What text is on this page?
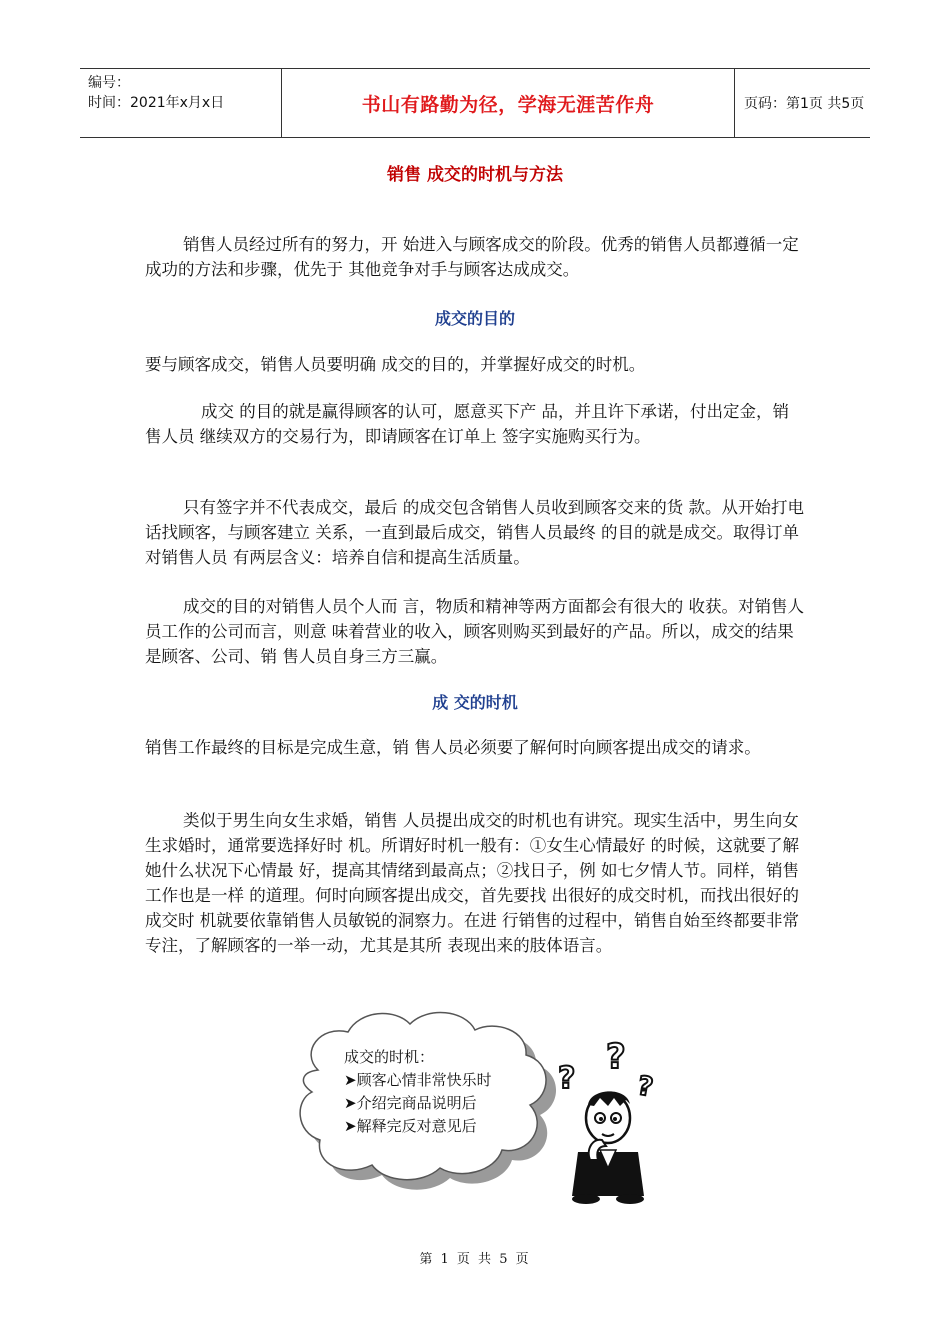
编号：
时间：2021年x月x日	书山有路勤为径，学海无涯苦作舟	页码：第1页 共5页
销售 成交的时机与方法

销售人员经过所有的努力，开 始进入与顾客成交的阶段。优秀的销售人员都遵循一定成功的方法和步骤，优先于 其他竞争对手与顾客达成成交。

成交的目的

要与顾客成交，销售人员要明确 成交的目的，并掌握好成交的时机。

成交 的目的就是赢得顾客的认可，愿意买下产 品，并且许下承诺，付出定金，销售人员 继续双方的交易行为，即请顾客在订单上 签字实施购买行为。

只有签字并不代表成交，最后 的成交包含销售人员收到顾客交来的货 款。从开始打电话找顾客，与顾客建立 关系，一直到最后成交，销售人员最终 的目的就是成交。取得订单对销售人员 有两层含义：培养自信和提高生活质量。

成交的目的对销售人员个人而 言，物质和精神等两方面都会有很大的 收获。对销售人员工作的公司而言，则意 味着营业的收入，顾客则购买到最好的产品。所以，成交的结果是顾客、公司、销 售人员自身三方三赢。

成 交的时机

销售工作最终的目标是完成生意，销 售人员必须要了解何时向顾客提出成交的请求。

类似于男生向女生求婚，销售 人员提出成交的时机也有讲究。现实生活中，男生向女生求婚时，通常要选择好时 机。所谓好时机一般有：①女生心情最好 的时候，这就要了解她什么状况下心情最 好，提高其情绪到最高点；②找日子，例 如七夕情人节。同样，销售工作也是一样 的道理。何时向顾客提出成交，首先要找 出很好的成交时机，而找出很好的成交时 机就要依靠销售人员敏锐的洞察力。在进 行销售的过程中，销售自始至终都要非常 专注，了解顾客的一举一动，尤其是其所 表现出来的肢体语言。

?
?
?
成交的时机：
➤顾客心情非常快乐时
➤介绍完商品说明后
➤解释完反对意见后
第 1 页 共 5 页
